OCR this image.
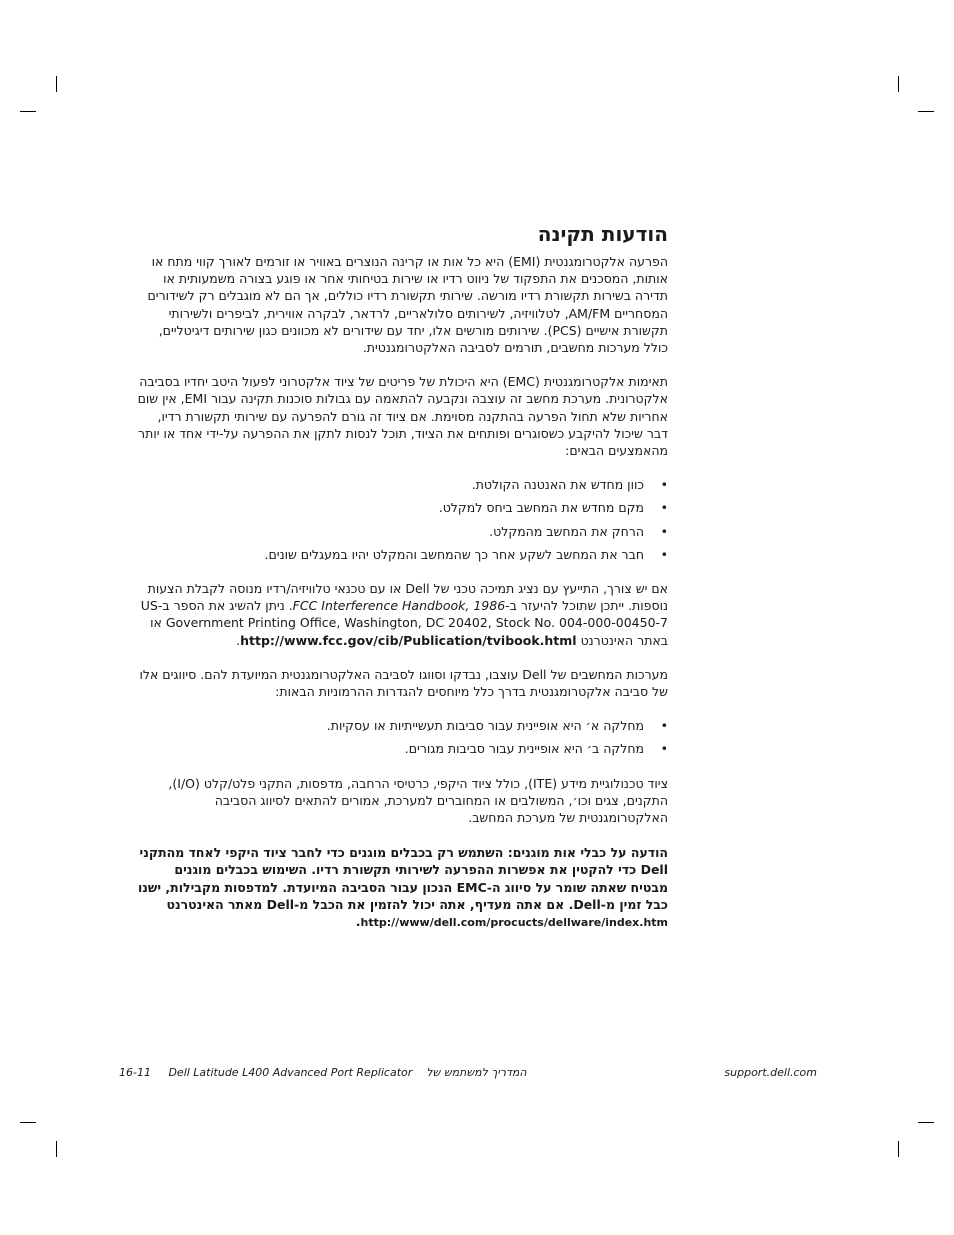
הודעות תקינה

הפרעה אלקטרומגנטית (EMI) היא כל אות או קרינה הנוצרים באוויר או זורמים לאורך קווי מתח או אותות, המסכנים את התפקוד של ניווט רדיו או שירות בטיחותי אחר או פוגע בצורה משמעותית או תדירה בשירות תקשורת רדיו מורשה. שירותי תקשורת רדיו כוללים, אך הם לא מוגבלים רק לשידורים המסחריים AM/FM, לטלוויזיה, לשירותים סלולאריים, לרדאר, לבקרה אווירית, לביפרים ולשירותי תקשורת אישיים (PCS). שירותים מורשים אלו, יחד עם שידורים לא מכוונים כגון שירותים דיגיטליים, כולל מערכות מחשבים, תורמים לסביבה האלקטרומגנטית.

תאימות אלקטרומגנטית (EMC) היא היכולת של פריטים של ציוד אלקטרוני לפעול היטב יחדיו בסביבה אלקטרונית. מערכת מחשב זה עוצבה ונקבעה להתאמה עם גבולות סוכנות תקינה עבור EMI, אין שום אחריות שלא תחול הפרעה בהתקנה מסוימת. אם ציוד זה גורם להפרעה עם שירותי תקשורת רדיו, דבר שיכול להיקבע כשסוגרים ופותחים את הציוד, תוכל לנסות לתקן את ההפרעה על-ידי אחד או יותר מהאמצעים הבאים:

• כוון מחדש את האנטנה הקולטת.
• מקם מחדש את המחשב ביחס למקלט.
• הרחק את המחשב מהמקלט.
• חבר את המחשב לשקע אחר כך שהמחשב והמקלט יהיו במעגלים שונים.

אם יש צורך, התייעץ עם נציג תמיכה טכני של Dell או עם טכנאי טלוויזיה/רדיו מנוסה לקבלת הצעות נוספות. ייתכן שתוכל להיעזר ב-FCC Interference Handbook, 1986. ניתן להשיג את הספר ב-US Government Printing Office, Washington, DC 20402, Stock No. 004-000-00450-7 או באתר האינטרנט http://www.fcc.gov/cib/Publication/tvibook.html.

מערכות המחשבים של Dell עוצבו, נבדקו וסווגו לסביבה האלקטרומגנטית המיועדת להם. סיווגים אלו של סביבה אלקטרומגנטית בדרך כלל מיוחסים להגדרות ההרמוניות הבאות:

• מחלקה א׳ היא אופיינית עבור סביבות תעשייתיות או עסקיות.
• מחלקה ב׳ היא אופיינית עבור סביבות מגורים.

ציוד טכנולוגיית מידע (ITE), כולל ציוד היקפי, כרטיסי הרחבה, מדפסות, התקני פלט/קלט (I/O), התקנים, צגים וכו׳, המשולבים או המחוברים למערכת, אמורים להתאים לסיווג הסביבה האלקטרומגנטית של מערכת המחשב.

הודעה על כבלי אות מוגנים: השתמש רק בכבלים מוגנים כדי לחבר ציוד היקפי לאחד מהתקני Dell כדי להקטין את אפשרות ההפרעה לשירותי תקשורת רדיו. השימוש בכבלים מוגנים מבטיח שאתה שומר על סיווג ה-EMC הנכון עבור הסביבה המיועדת. למדפסות מקבילות, ישנו כבל זמין מ-Dell. אם אתה מעדיף, אתה יכול להזמין את הכבל מ-Dell מאתר האינטרנט http://www/dell.com/procucts/dellware/index.htm.

16-11 Dell Latitude L400 Advanced Port Replicator המדריך למשתמש של	support.dell.com
